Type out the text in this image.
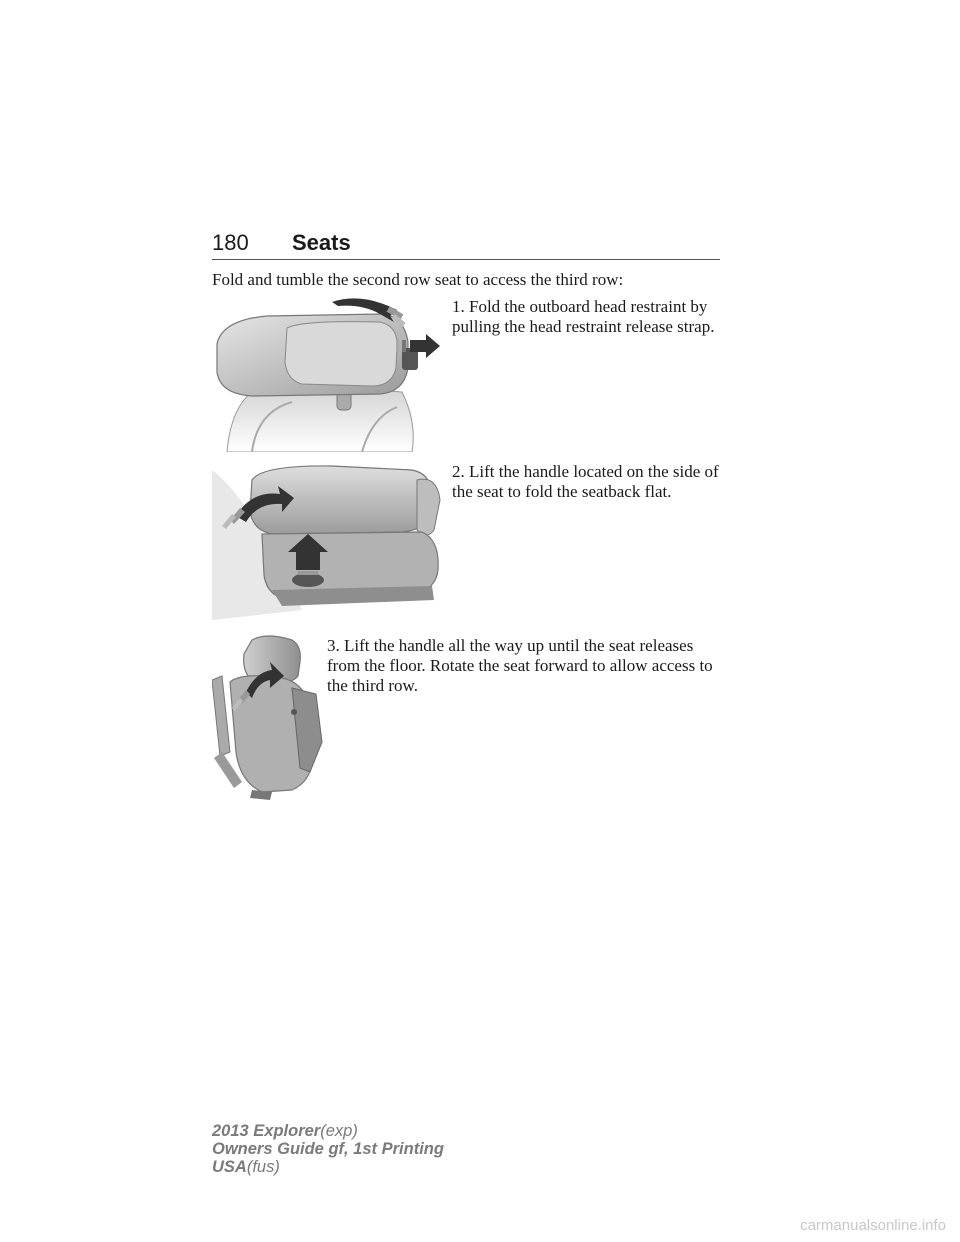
180 Seats
Fold and tumble the second row seat to access the third row:
1. Fold the outboard head restraint by pulling the head restraint release strap.
2. Lift the handle located on the side of the seat to fold the seatback flat.
3. Lift the handle all the way up until the seat releases from the floor. Rotate the seat forward to allow access to the third row.
2013 Explorer(exp)
Owners Guide gf, 1st Printing
USA(fus)
carmanualsonline.info
